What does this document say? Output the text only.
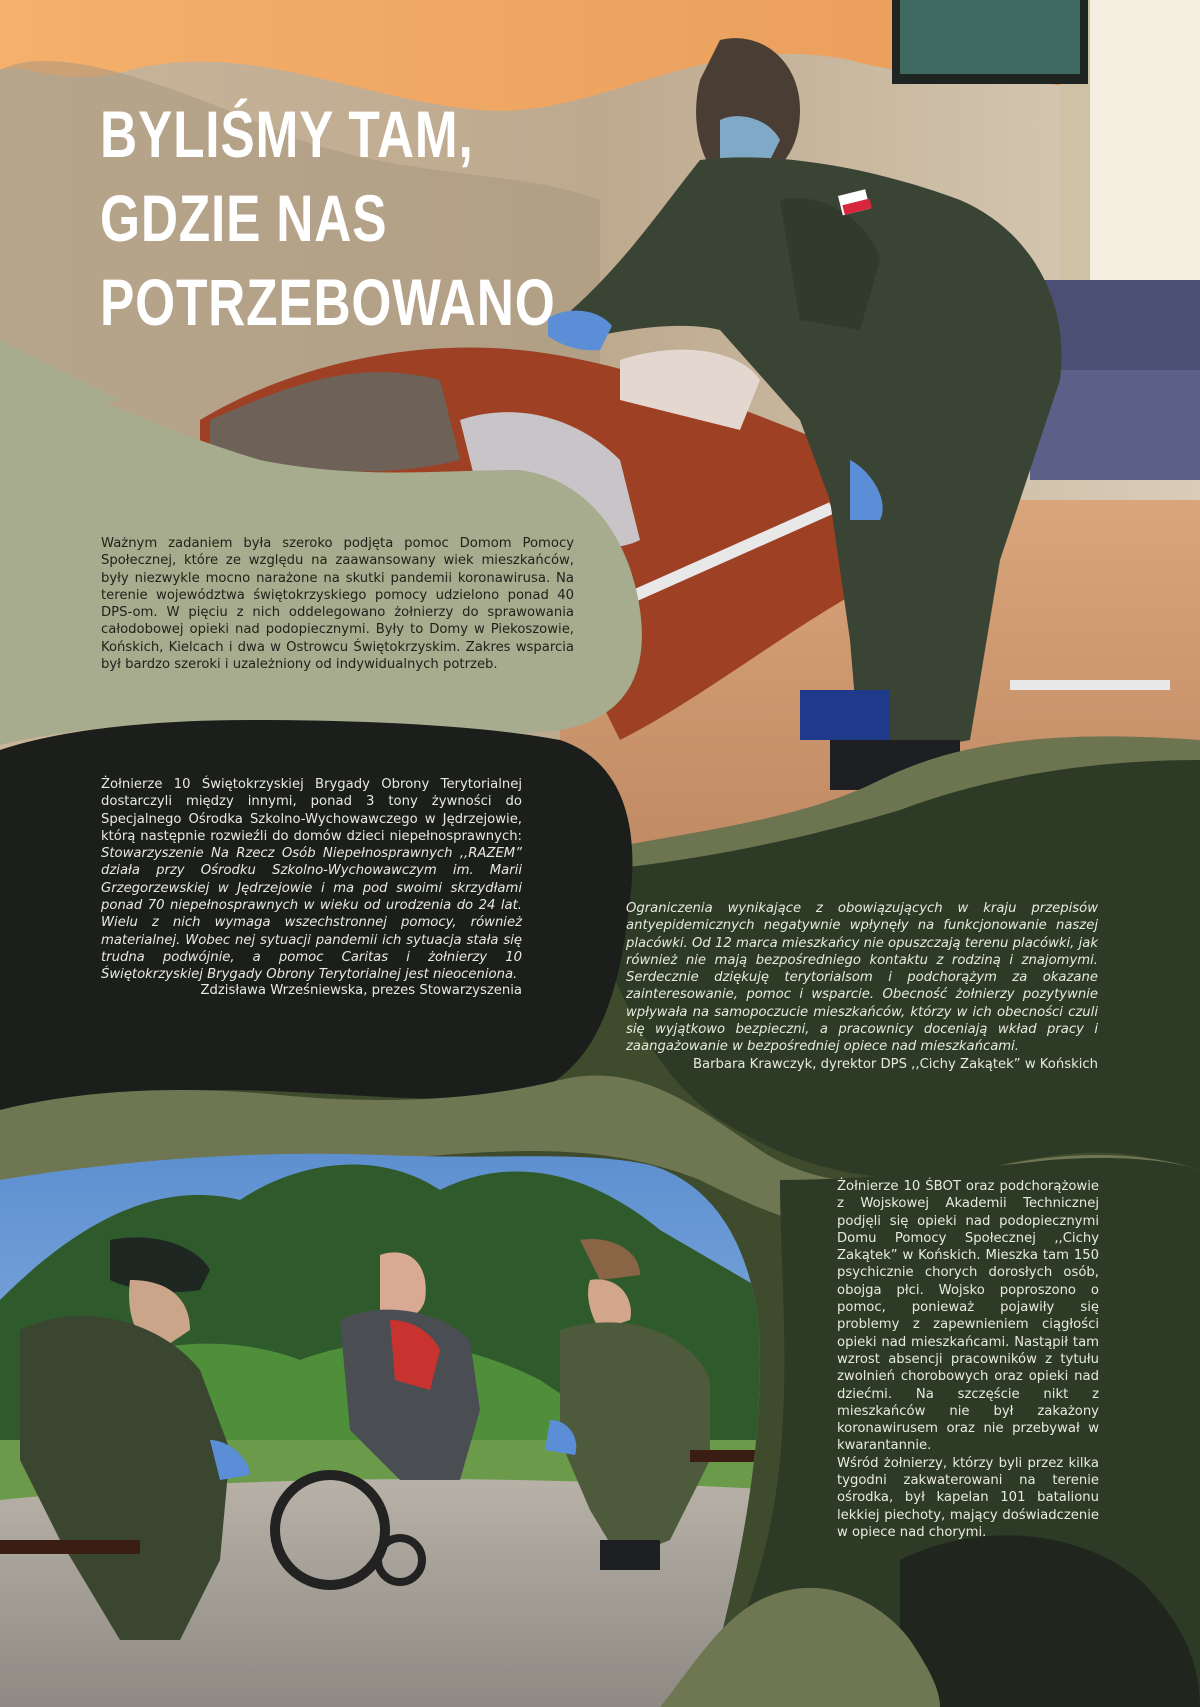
BYLIŚMY TAM,
GDZIE NAS
POTRZEBOWANO

Ważnym zadaniem była szeroko podjęta pomoc Domom Pomocy Społecznej, które ze względu na zaawansowany wiek mieszkańców, były niezwykle mocno narażone na skutki pandemii koronawirusa. Na terenie województwa świętokrzyskiego pomocy udzielono ponad 40 DPS-om. W pięciu z nich oddelegowano żołnierzy do sprawowania całodobowej opieki nad podopiecznymi. Były to Domy w Piekoszowie, Końskich, Kielcach i dwa w Ostrowcu Świętokrzyskim. Zakres wsparcia był bardzo szeroki i uzależniony od indywidualnych potrzeb.

Żołnierze 10 Świętokrzyskiej Brygady Obrony Terytorialnej dostarczyli między innymi, ponad 3 tony żywności do Specjalnego Ośrodka Szkolno-Wychowawczego w Jędrzejowie, którą następnie rozwieźli do domów dzieci niepełnosprawnych: Stowarzyszenie Na Rzecz Osób Niepełnosprawnych ,,RAZEM” działa przy Ośrodku Szkolno-Wychowawczym im. Marii Grzegorzewskiej w Jędrzejowie i ma pod swoimi skrzydłami ponad 70 niepełnosprawnych w wieku od urodzenia do 24 lat. Wielu z nich wymaga wszechstronnej pomocy, również materialnej. Wobec nej sytuacji pandemii ich sytuacja stała się trudna podwójnie, a pomoc Caritas i żołnierzy 10 Świętokrzyskiej Brygady Obrony Terytorialnej jest nieoceniona.

Zdzisława Wrześniewska, prezes Stowarzyszenia

Ograniczenia wynikające z obowiązujących w kraju przepisów antyepidemicznych negatywnie wpłynęły na funkcjonowanie naszej placówki. Od 12 marca mieszkańcy nie opuszczają terenu placówki, jak również nie mają bezpośredniego kontaktu z rodziną i znajomymi. Serdecznie dziękuję terytorialsom i podchorążym za okazane zainteresowanie, pomoc i wsparcie. Obecność żołnierzy pozytywnie wpływała na samopoczucie mieszkańców, którzy w ich obecności czuli się wyjątkowo bezpieczni, a pracownicy doceniają wkład pracy i zaangażowanie w bezpośredniej opiece nad mieszkańcami.

Barbara Krawczyk, dyrektor DPS ,,Cichy Zakątek” w Końskich

Żołnierze 10 ŚBOT oraz podchorążowie z Wojskowej Akademii Technicznej podjęli się opieki nad podopiecznymi Domu Pomocy Społecznej ,,Cichy Zakątek” w Końskich. Mieszka tam 150 psychicznie chorych dorosłych osób, obojga płci. Wojsko poproszono o pomoc, ponieważ pojawiły się problemy z zapewnieniem ciągłości opieki nad mieszkańcami. Nastąpił tam wzrost absencji pracowników z tytułu zwolnień chorobowych oraz opieki nad dziećmi. Na szczęście nikt z mieszkańców nie był zakażony koronawirusem oraz nie przebywał w kwarantannie.
Wśród żołnierzy, którzy byli przez kilka tygodni zakwaterowani na terenie ośrodka, był kapelan 101 batalionu lekkiej piechoty, mający doświadczenie w opiece nad chorymi.
